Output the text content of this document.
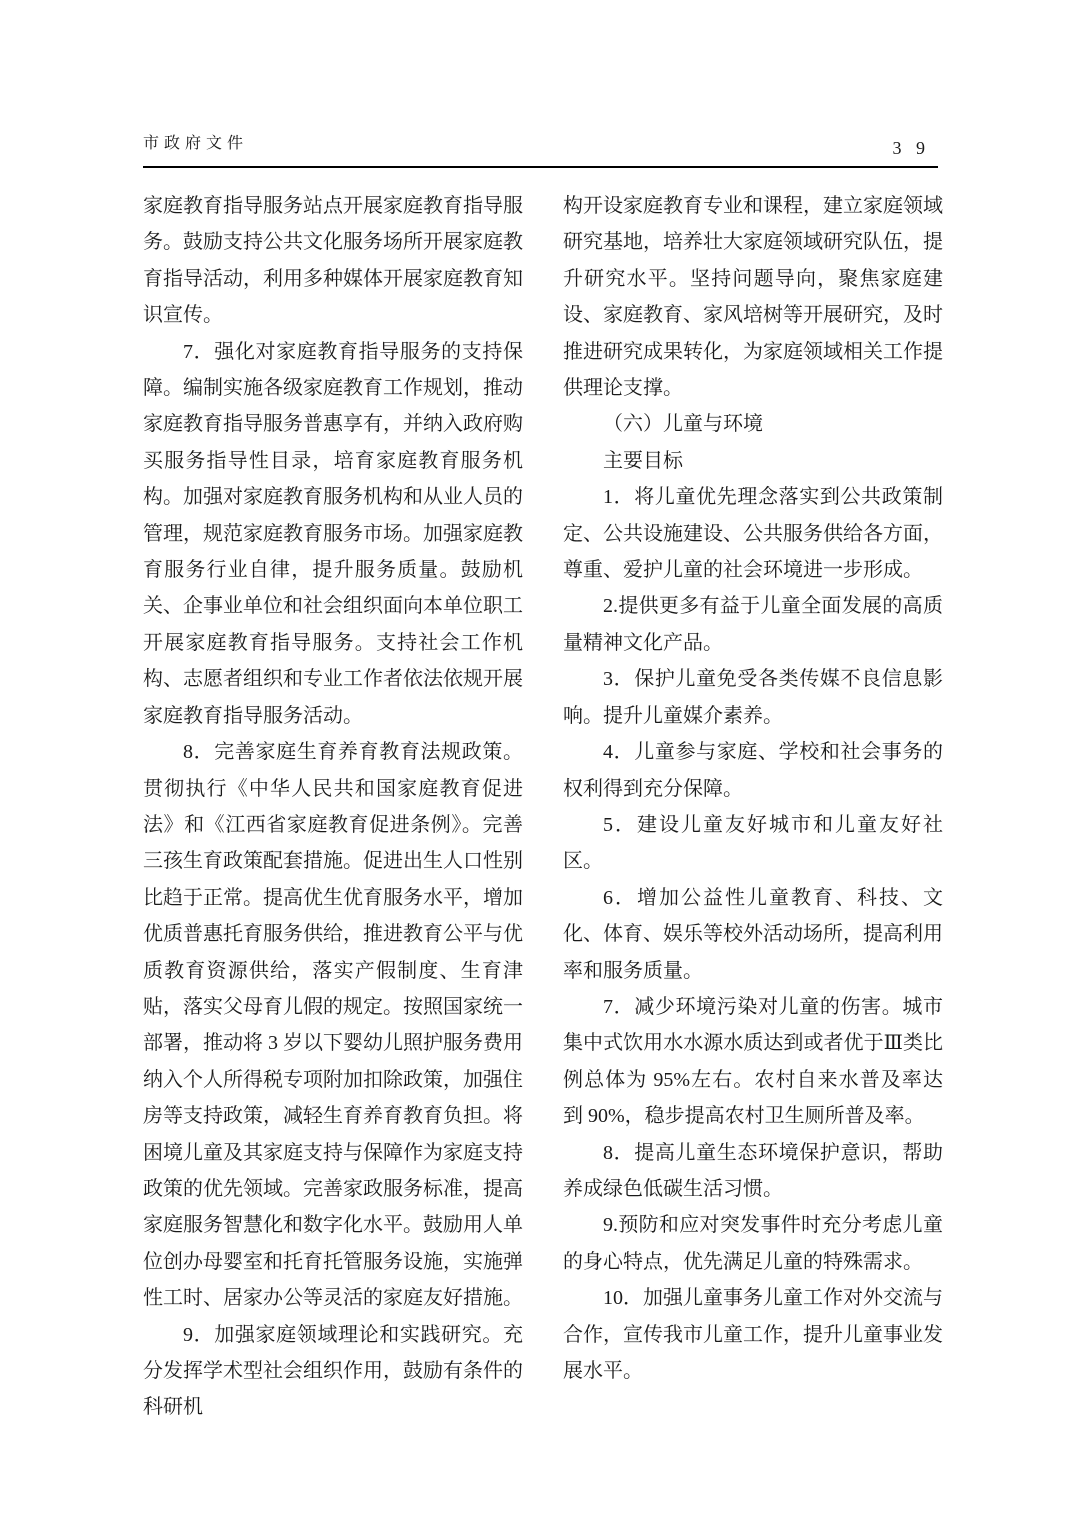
市政府文件	3 9

家庭教育指导服务站点开展家庭教育指导服务。鼓励支持公共文化服务场所开展家庭教育指导活动，利用多种媒体开展家庭教育知识宣传。

7．强化对家庭教育指导服务的支持保障。编制实施各级家庭教育工作规划，推动家庭教育指导服务普惠享有，并纳入政府购买服务指导性目录，培育家庭教育服务机构。加强对家庭教育服务机构和从业人员的管理，规范家庭教育服务市场。加强家庭教育服务行业自律，提升服务质量。鼓励机关、企事业单位和社会组织面向本单位职工开展家庭教育指导服务。支持社会工作机构、志愿者组织和专业工作者依法依规开展家庭教育指导服务活动。

8．完善家庭生育养育教育法规政策。贯彻执行《中华人民共和国家庭教育促进法》和《江西省家庭教育促进条例》。完善三孩生育政策配套措施。促进出生人口性别比趋于正常。提高优生优育服务水平，增加优质普惠托育服务供给，推进教育公平与优质教育资源供给，落实产假制度、生育津贴，落实父母育儿假的规定。按照国家统一部署，推动将 3 岁以下婴幼儿照护服务费用纳入个人所得税专项附加扣除政策，加强住房等支持政策，减轻生育养育教育负担。将困境儿童及其家庭支持与保障作为家庭支持政策的优先领域。完善家政服务标准，提高家庭服务智慧化和数字化水平。鼓励用人单位创办母婴室和托育托管服务设施，实施弹性工时、居家办公等灵活的家庭友好措施。

9．加强家庭领域理论和实践研究。充分发挥学术型社会组织作用，鼓励有条件的科研机

构开设家庭教育专业和课程，建立家庭领域研究基地，培养壮大家庭领域研究队伍，提升研究水平。坚持问题导向，聚焦家庭建设、家庭教育、家风培树等开展研究，及时推进研究成果转化，为家庭领域相关工作提供理论支撑。

（六）儿童与环境

主要目标

1．将儿童优先理念落实到公共政策制定、公共设施建设、公共服务供给各方面，尊重、爱护儿童的社会环境进一步形成。

2.提供更多有益于儿童全面发展的高质量精神文化产品。

3．保护儿童免受各类传媒不良信息影响。提升儿童媒介素养。

4．儿童参与家庭、学校和社会事务的权利得到充分保障。

5．建设儿童友好城市和儿童友好社区。

6．增加公益性儿童教育、科技、文化、体育、娱乐等校外活动场所，提高利用率和服务质量。

7．减少环境污染对儿童的伤害。城市集中式饮用水水源水质达到或者优于Ⅲ类比例总体为 95%左右。农村自来水普及率达到 90%，稳步提高农村卫生厕所普及率。

8．提高儿童生态环境保护意识，帮助养成绿色低碳生活习惯。

9.预防和应对突发事件时充分考虑儿童的身心特点，优先满足儿童的特殊需求。

10．加强儿童事务儿童工作对外交流与合作，宣传我市儿童工作，提升儿童事业发展水平。
